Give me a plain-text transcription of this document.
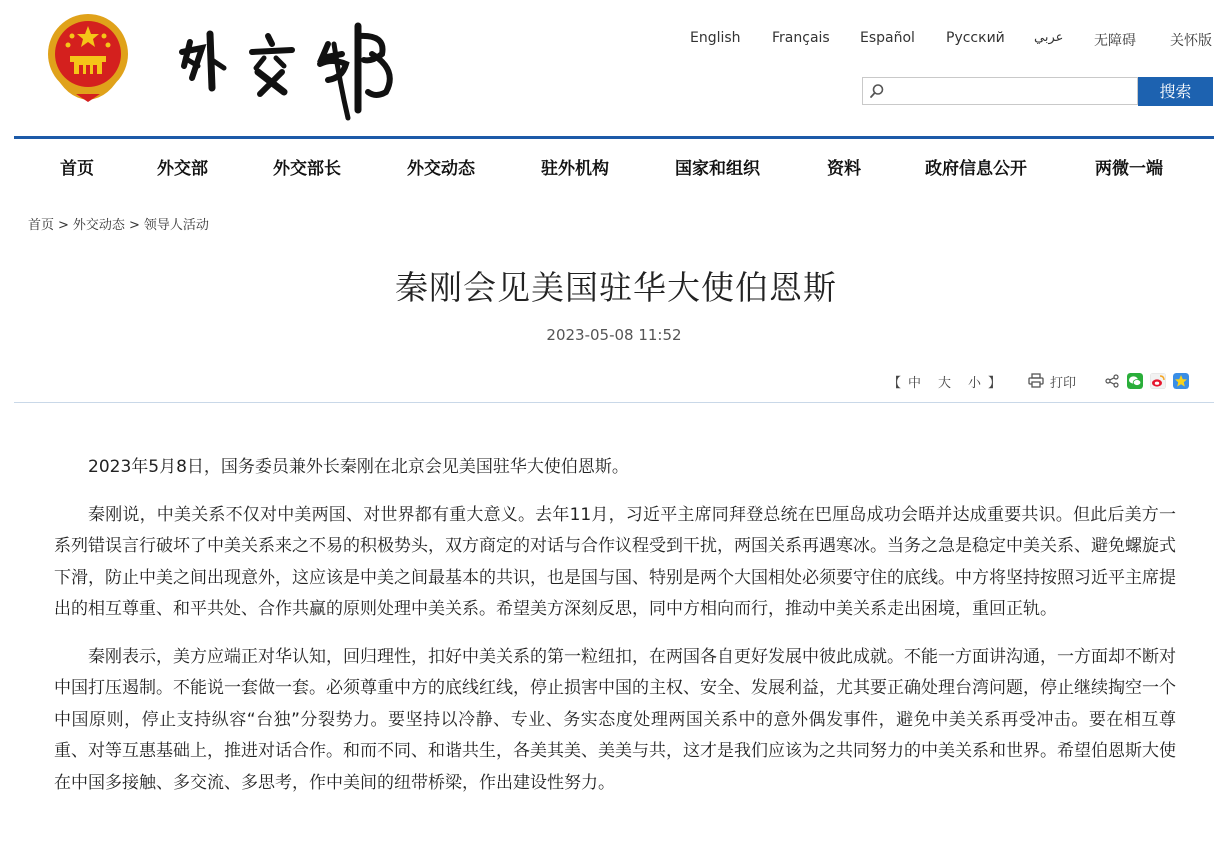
English Français Español Русский عربي 无障碍 关怀版
搜索
首页	外交部	外交部长	外交动态	驻外机构	国家和组织	资料	政府信息公开	两微一端
首页 > 外交动态 > 领导人活动
秦刚会见美国驻华大使伯恩斯
2023-05-08 11:52
【 中 大 小 】	打印

2023年5月8日，国务委员兼外长秦刚在北京会见美国驻华大使伯恩斯。

秦刚说，中美关系不仅对中美两国、对世界都有重大意义。去年11月，习近平主席同拜登总统在巴厘岛成功会晤并达成重要共识。但此后美方一系列错误言行破坏了中美关系来之不易的积极势头，双方商定的对话与合作议程受到干扰，两国关系再遇寒冰。当务之急是稳定中美关系、避免螺旋式下滑，防止中美之间出现意外，这应该是中美之间最基本的共识，也是国与国、特别是两个大国相处必须要守住的底线。中方将坚持按照习近平主席提出的相互尊重、和平共处、合作共赢的原则处理中美关系。希望美方深刻反思，同中方相向而行，推动中美关系走出困境，重回正轨。

秦刚表示，美方应端正对华认知，回归理性，扣好中美关系的第一粒纽扣，在两国各自更好发展中彼此成就。不能一方面讲沟通，一方面却不断对中国打压遏制。不能说一套做一套。必须尊重中方的底线红线，停止损害中国的主权、安全、发展利益，尤其要正确处理台湾问题，停止继续掏空一个中国原则，停止支持纵容“台独”分裂势力。要坚持以冷静、专业、务实态度处理两国关系中的意外偶发事件，避免中美关系再受冲击。要在相互尊重、对等互惠基础上，推进对话合作。和而不同、和谐共生，各美其美、美美与共，这才是我们应该为之共同努力的中美关系和世界。希望伯恩斯大使在中国多接触、多交流、多思考，作中美间的纽带桥梁，作出建设性努力。
